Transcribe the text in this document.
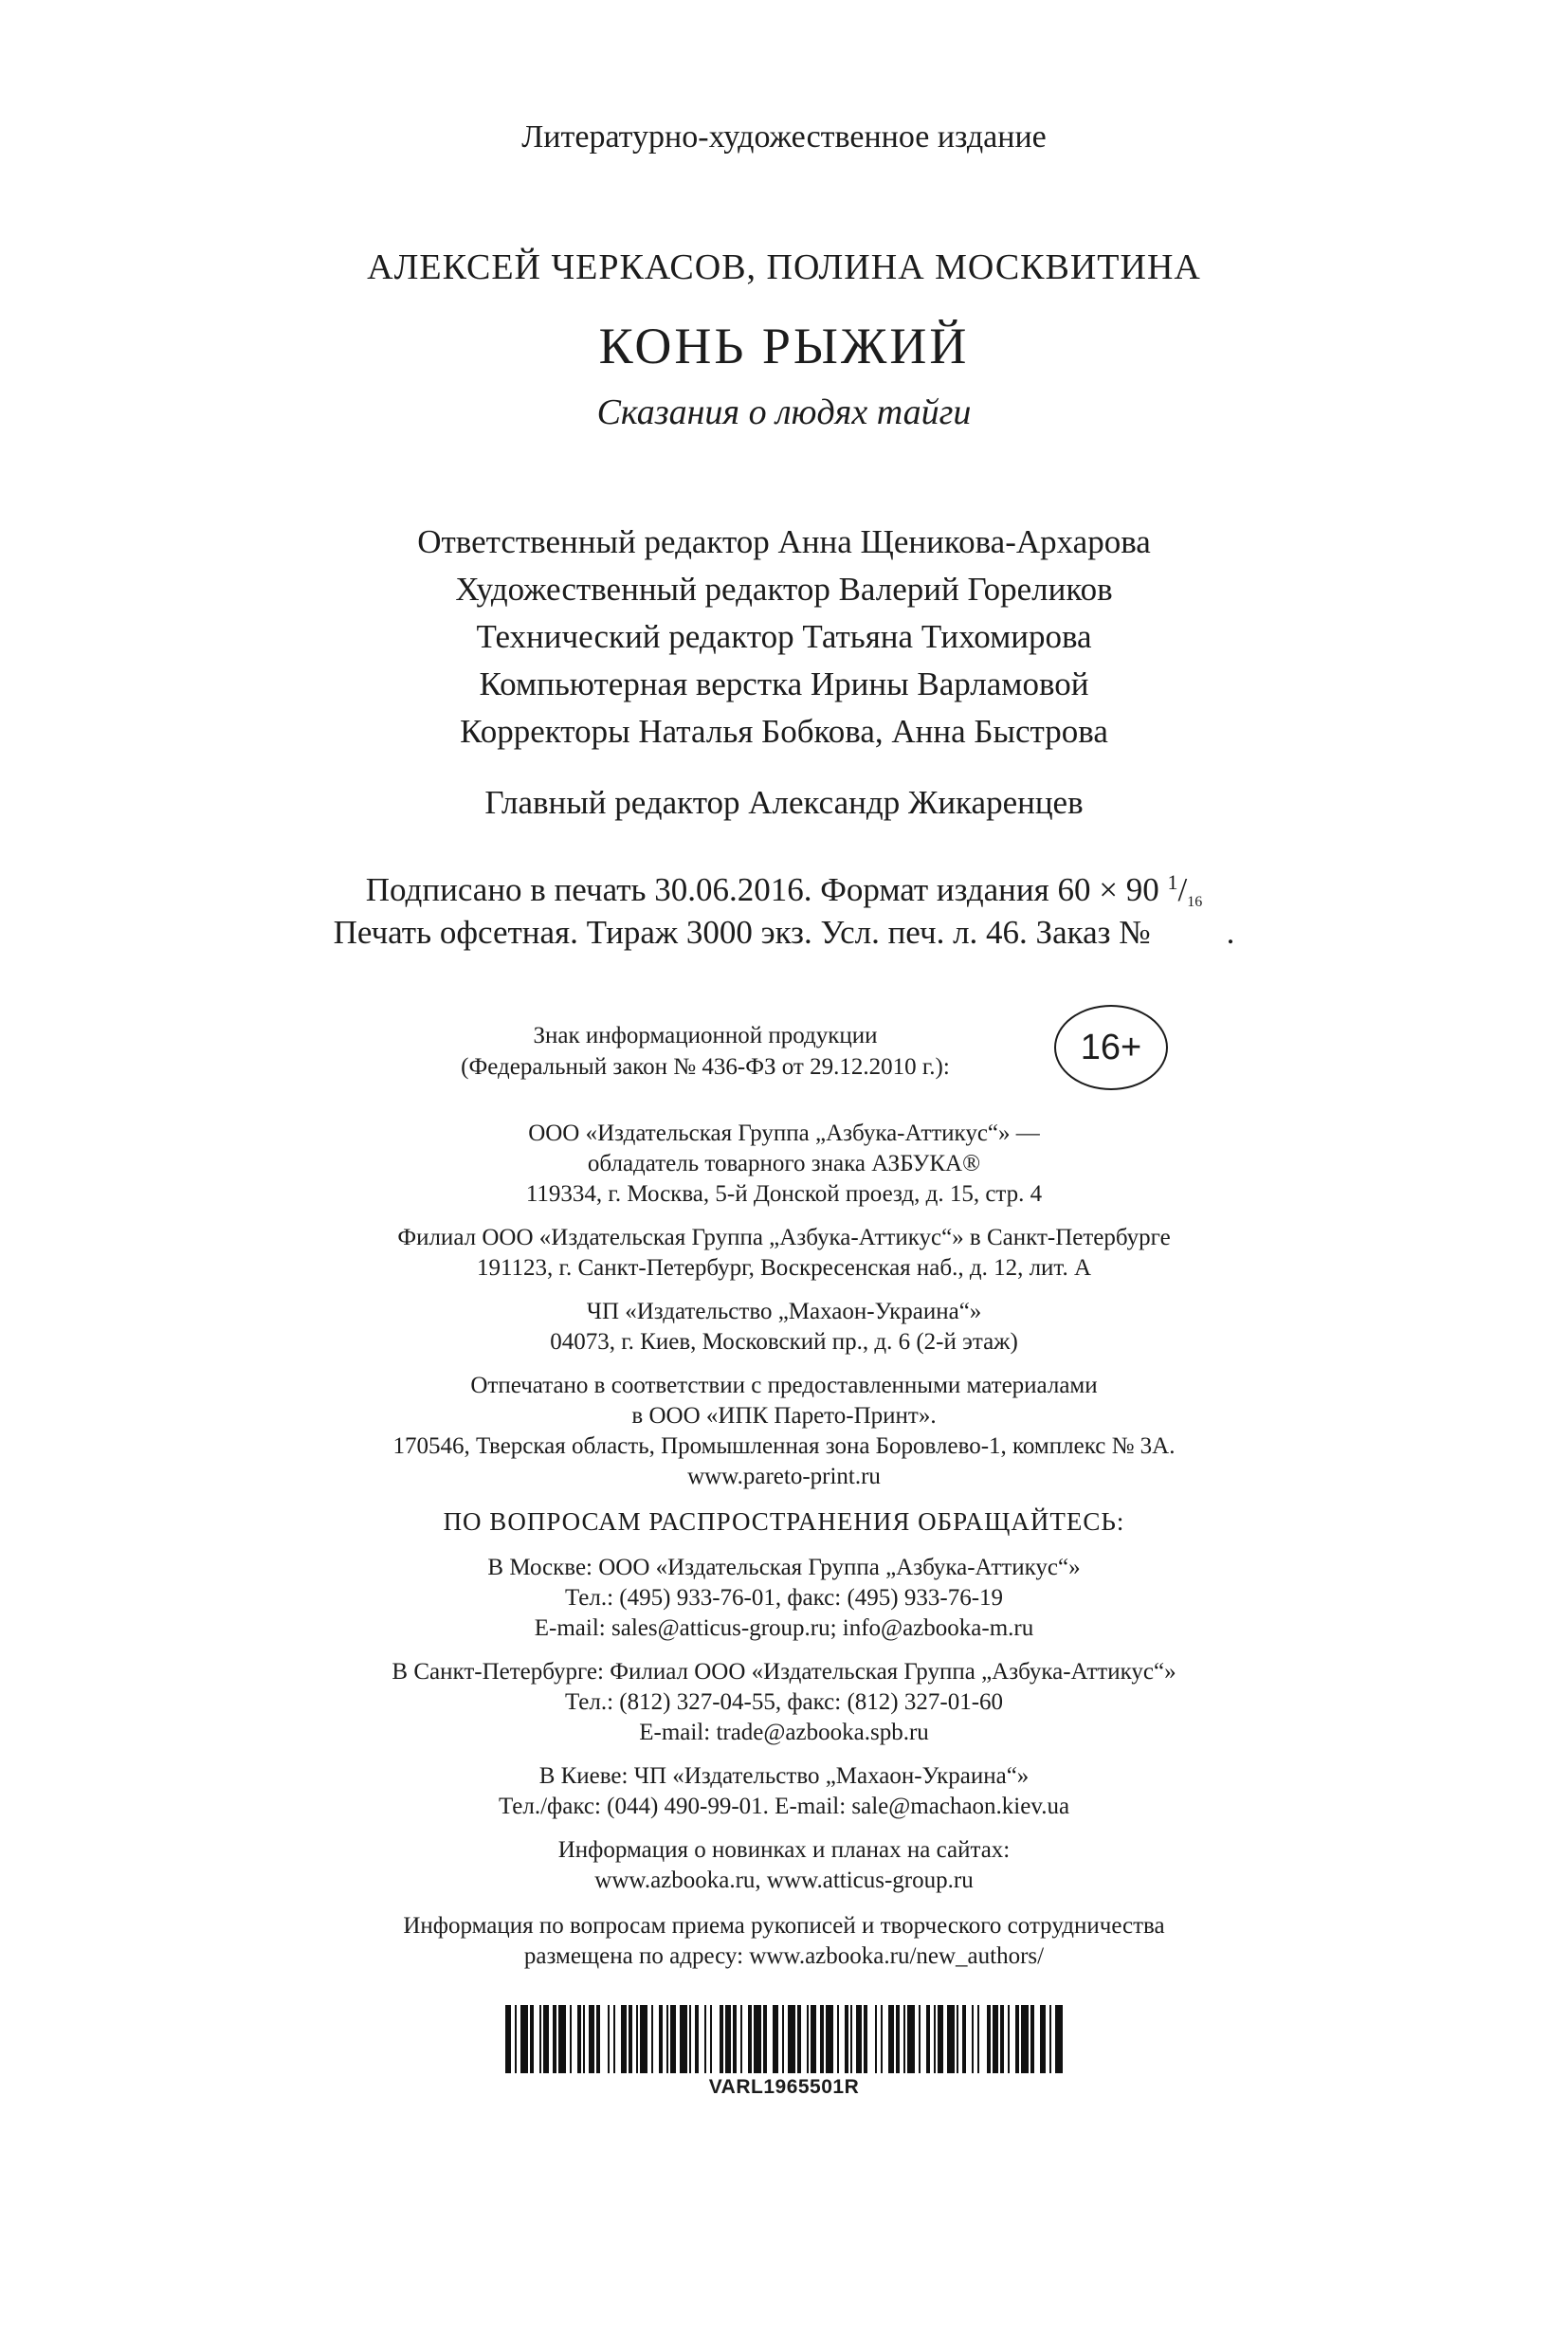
Литературно-художественное издание
АЛЕКСЕЙ ЧЕРКАСОВ, ПОЛИНА МОСКВИТИНА
КОНЬ РЫЖИЙ
Сказания о людях тайги
Ответственный редактор Анна Щеникова-Архарова
Художественный редактор Валерий Гореликов
Технический редактор Татьяна Тихомирова
Компьютерная верстка Ирины Варламовой
Корректоры Наталья Бобкова, Анна Быстрова
Главный редактор Александр Жикаренцев
Подписано в печать 30.06.2016. Формат издания 60 × 90 $^1/_{16}$
Печать офсетная. Тираж 3000 экз. Усл. печ. л. 46. Заказ № .
Знак информационной продукции
(Федеральный закон № 436-ФЗ от 29.12.2010 г.):	16+
ООО «Издательская Группа „Азбука-Аттикус“» —
обладатель товарного знака АЗБУКА®
119334, г. Москва, 5-й Донской проезд, д. 15, стр. 4
Филиал ООО «Издательская Группа „Азбука-Аттикус“» в Санкт-Петербурге
191123, г. Санкт-Петербург, Воскресенская наб., д. 12, лит. А
ЧП «Издательство „Махаон-Украина“»
04073, г. Киев, Московский пр., д. 6 (2-й этаж)
Отпечатано в соответствии с предоставленными материалами
в ООО «ИПК Парето-Принт».
170546, Тверская область, Промышленная зона Боровлево-1, комплекс № 3А.
www.pareto-print.ru
ПО ВОПРОСАМ РАСПРОСТРАНЕНИЯ ОБРАЩАЙТЕСЬ:
В Москве: ООО «Издательская Группа „Азбука-Аттикус“»
Тел.: (495) 933-76-01, факс: (495) 933-76-19
E-mail: sales@atticus-group.ru; info@azbooka-m.ru
В Санкт-Петербурге: Филиал ООО «Издательская Группа „Азбука-Аттикус“»
Тел.: (812) 327-04-55, факс: (812) 327-01-60
E-mail: trade@azbooka.spb.ru
В Киеве: ЧП «Издательство „Махаон-Украина“»
Тел./факс: (044) 490-99-01. E-mail: sale@machaon.kiev.ua
Информация о новинках и планах на сайтах:
www.azbooka.ru, www.atticus-group.ru
Информация по вопросам приема рукописей и творческого сотрудничества
размещена по адресу: www.azbooka.ru/new_authors/
VARL1965501R
